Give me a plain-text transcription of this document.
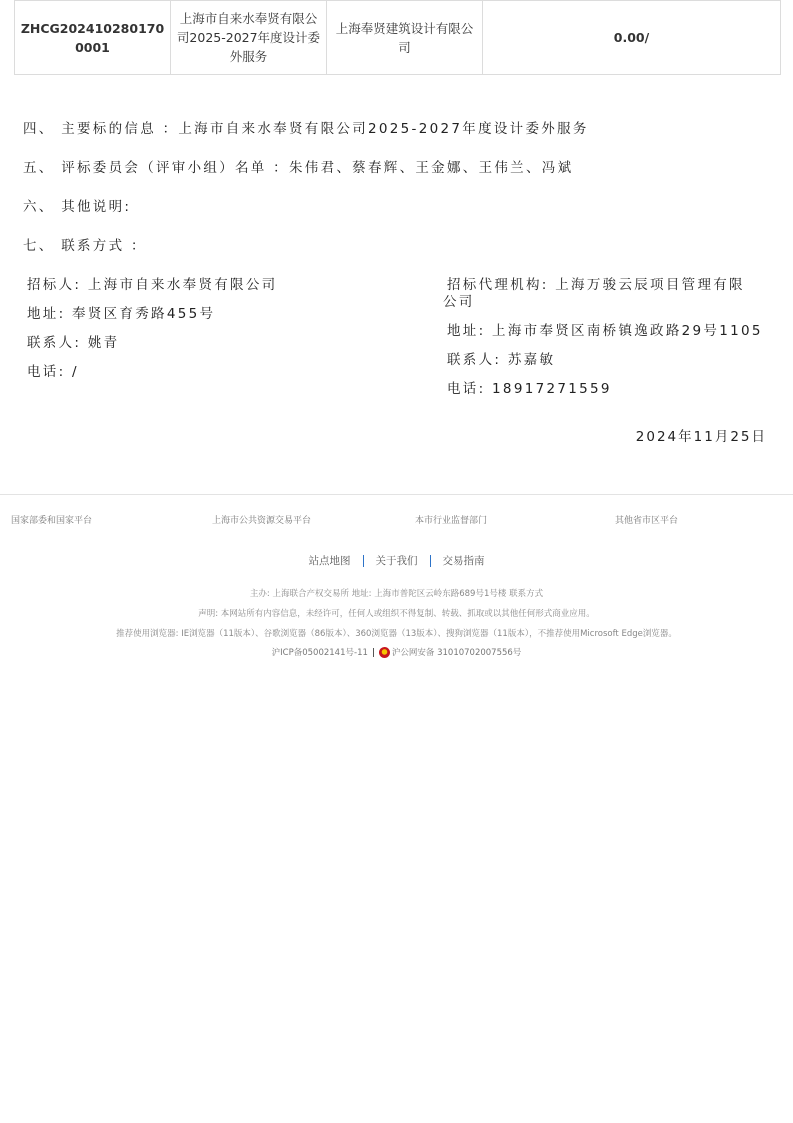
ZHCG2024102801700001	上海市自来水奉贤有限公司2025-2027年度设计委外服务	上海奉贤建筑设计有限公司	0.00/
四、 主要标的信息 ：上海市自来水奉贤有限公司2025-2027年度设计委外服务
五、 评标委员会（评审小组）名单 ：朱伟君、蔡春辉、王金娜、王伟兰、冯斌
六、 其他说明:
七、 联系方式 ：
招标人: 上海市自来水奉贤有限公司
地址: 奉贤区育秀路455号
联系人: 姚青
电话: /
招标代理机构: 上海万骏云辰项目管理有限
公司
地址: 上海市奉贤区南桥镇逸政路29号1105
联系人: 苏嘉敏
电话: 18917271559
2024年11月25日
国家部委和国家平台	上海市公共资源交易平台	本市行业监督部门	其他省市区平台
站点地图 关于我们 交易指南
主办: 上海联合产权交易所 地址: 上海市普陀区云岭东路689号1号楼 联系方式
声明: 本网站所有内容信息，未经许可，任何人或组织不得复制、转载、抓取或以其他任何形式商业应用。
推荐使用浏览器: IE浏览器（11版本）、谷歌浏览器（86版本）、360浏览器（13版本）、搜狗浏览器（11版本），不推荐使用Microsoft Edge浏览器。
沪ICP备05002141号-11	沪公网安备 31010702007556号
